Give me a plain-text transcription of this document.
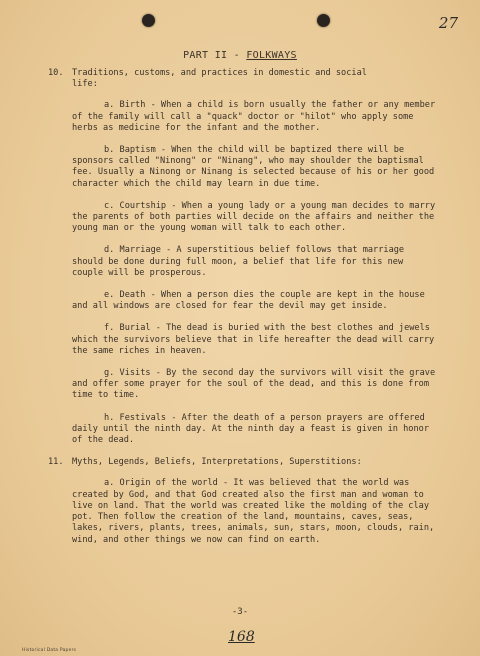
27
PART II - FOLKWAYS
10. Traditions, customs, and practices in domestic and social
life:

a. Birth - When a child is born usually the father or any member of the family will call a "quack" doctor or "hilot" who apply some herbs as medicine for the infant and the mother.

b. Baptism - When the child will be baptized there will be sponsors called "Ninong" or "Ninang", who may shoulder the baptismal fee. Usually a Ninong or Ninang is selected because of his or her good character which the child may learn in due time.

c. Courtship - When a young lady or a young man decides to marry the parents of both parties will decide on the affairs and neither the young man or the young woman will talk to each other.

d. Marriage - A superstitious belief follows that marriage should be done during full moon, a belief that life for this new couple will be prosperous.

e. Death - When a person dies the couple are kept in the house and all windows are closed for fear the devil may get inside.

f. Burial - The dead is buried with the best clothes and jewels which the survivors believe that in life hereafter the dead will carry the same riches in heaven.

g. Visits - By the second day the survivors will visit the grave and offer some prayer for the soul of the dead, and this is done from time to time.

h. Festivals - After the death of a person prayers are offered daily until the ninth day. At the ninth day a feast is given in honor of the dead.

11. Myths, Legends, Beliefs, Interpretations, Superstitions:

a. Origin of the world - It was believed that the world was created by God, and that God created also the first man and woman to live on land. That the world was created like the molding of the clay pot. Then follow the creation of the land, mountains, caves, seas, lakes, rivers, plants, trees, animals, sun, stars, moon, clouds, rain, wind, and other things we now can find on earth.

-3-
168
Historical Data Papers
